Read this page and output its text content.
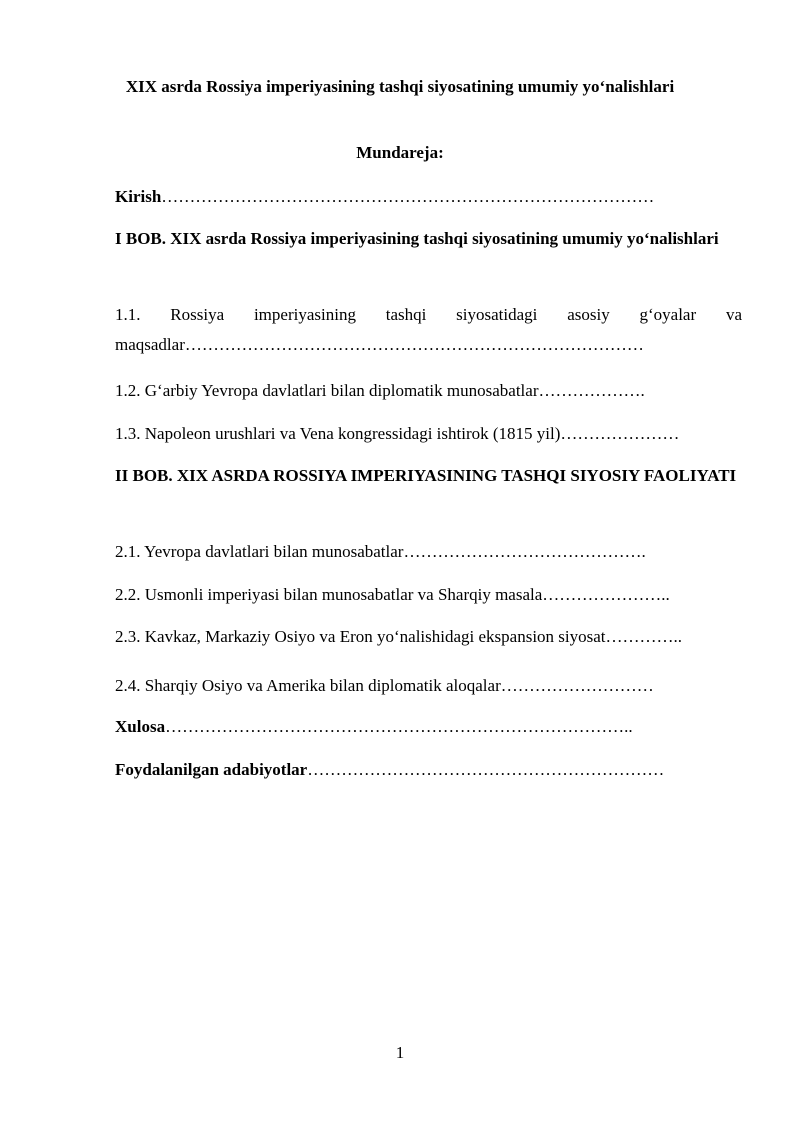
XIX asrda Rossiya imperiyasining tashqi siyosatining umumiy yo‘nalishlari
Mundareja:
Kirish……………………………………………………………………………
I BOB. XIX asrda Rossiya imperiyasining tashqi siyosatining umumiy yo‘nalishlari
1.1. Rossiya imperiyasining tashqi siyosatidagi asosiy g‘oyalar va maqsadlar………………………………………………………………………
1.2. G‘arbiy Yevropa davlatlari bilan diplomatik munosabatlar……………….
1.3. Napoleon urushlari va Vena kongressidagi ishtirok (1815 yil)…………………
II BOB. XIX ASRDA ROSSIYA IMPERIYASINING TASHQI SIYOSIY FAOLIYATI
2.1. Yevropa davlatlari bilan munosabatlar…………………………………….
2.2. Usmonli imperiyasi bilan munosabatlar va Sharqiy masala…………………..
2.3. Kavkaz, Markaziy Osiyo va Eron yo‘nalishidagi ekspansion siyosat…………..
2.4. Sharqiy Osiyo va Amerika bilan diplomatik aloqalar………………………
Xulosa………………………………………………………………………..
Foydalanilgan adabiyotlar………………………………………………………
1
